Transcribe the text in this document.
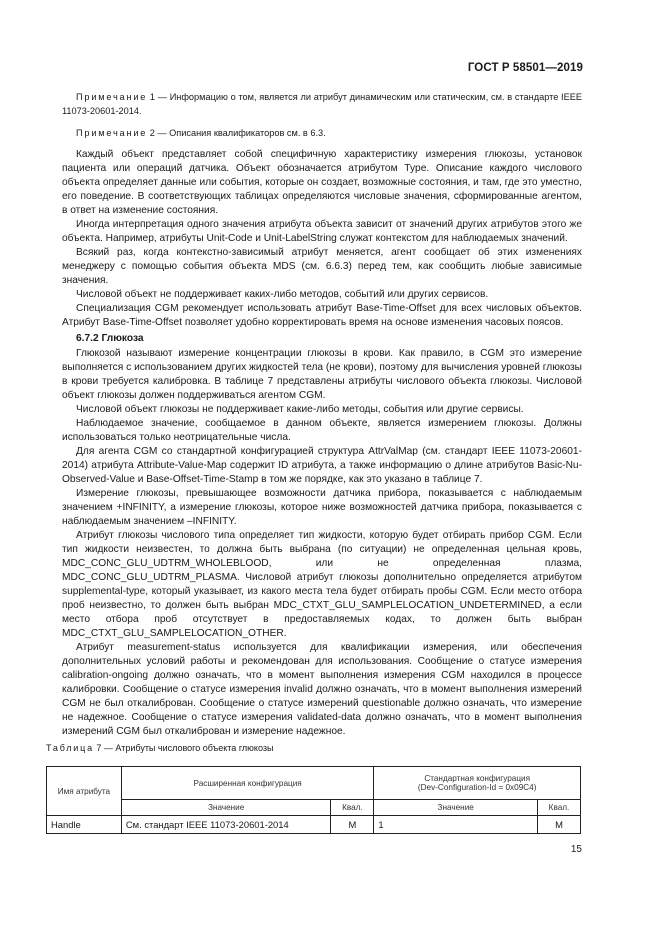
ГОСТ Р 58501—2019

Примечание 1 — Информацию о том, является ли атрибут динамическим или статическим, см. в стандарте IEEE 11073-20601-2014.

Примечание 2 — Описания квалификаторов см. в 6.3.

Каждый объект представляет собой специфичную характеристику измерения глюкозы, установок пациента или операций датчика. Объект обозначается атрибутом Type. Описание каждого числового объекта определяет данные или события, которые он создает, возможные состояния, и там, где это уместно, его поведение. В соответствующих таблицах определяются числовые значения, сформированные агентом, в ответ на изменение состояния.

Иногда интерпретация одного значения атрибута объекта зависит от значений других атрибутов этого же объекта. Например, атрибуты Unit-Code и Unit-LabelString служат контекстом для наблюдаемых значений.

Всякий раз, когда контекстно-зависимый атрибут меняется, агент сообщает об этих изменениях менеджеру с помощью события объекта MDS (см. 6.6.3) перед тем, как сообщить любые зависимые значения.

Числовой объект не поддерживает каких-либо методов, событий или других сервисов.

Специализация CGM рекомендует использовать атрибут Base-Time-Offset для всех числовых объектов. Атрибут Base-Time-Offset позволяет удобно корректировать время на основе изменения часовых поясов.

6.7.2 Глюкоза

Глюкозой называют измерение концентрации глюкозы в крови. Как правило, в CGM это измерение выполняется с использованием других жидкостей тела (не крови), поэтому для вычисления уровней глюкозы в крови требуется калибровка. В таблице 7 представлены атрибуты числового объекта глюкозы. Числовой объект глюкозы должен поддерживаться агентом CGM.

Числовой объект глюкозы не поддерживает какие-либо методы, события или другие сервисы.

Наблюдаемое значение, сообщаемое в данном объекте, является измерением глюкозы. Должны использоваться только неотрицательные числа.

Для агента CGM со стандартной конфигурацией структура AttrValMap (см. стандарт IEEE 11073-20601-2014) атрибута Attribute-Value-Map содержит ID атрибута, а также информацию о длине атрибутов Basic-Nu-Observed-Value и Base-Offset-Time-Stamp в том же порядке, как это указано в таблице 7.

Измерение глюкозы, превышающее возможности датчика прибора, показывается с наблюдаемым значением +INFINITY, а измерение глюкозы, которое ниже возможностей датчика прибора, показывается с наблюдаемым значением –INFINITY.

Атрибут глюкозы числового типа определяет тип жидкости, которую будет отбирать прибор CGM. Если тип жидкости неизвестен, то должна быть выбрана (по ситуации) не определенная цельная кровь, MDC_CONC_GLU_UDTRM_WHOLEBLOOD, или не определенная плазма, MDC_CONC_GLU_UDTRM_PLASMA. Числовой атрибут глюкозы дополнительно определяется атрибутом supplemental-type, который указывает, из какого места тела будет отбирать пробы CGM. Если место отбора проб неизвестно, то должен быть выбран MDC_CTXT_GLU_SAMPLELOCATION_UNDETERMINED, а если место отбора проб отсутствует в предоставляемых кодах, то должен быть выбран MDC_CTXT_GLU_SAMPLELOCATION_OTHER.

Атрибут measurement-status используется для квалификации измерения, или обеспечения дополнительных условий работы и рекомендован для использования. Сообщение о статусе измерения calibration-ongoing должно означать, что в момент выполнения измерения CGM находился в процессе калибровки. Сообщение о статусе измерения invalid должно означать, что в момент выполнения измерений CGM не был откалиброван. Сообщение о статусе измерений questionable должно означать, что измерение не надежное. Сообщение о статусе измерения validated-data должно означать, что в момент выполнения измерений CGM был откалиброван и измерение надежное.

Таблица 7 — Атрибуты числового объекта глюкозы
Имя атрибута	Расширенная конфигурация		Стандартная конфигурация
(Dev-Configuration-Id = 0x09C4)	

	Значение	Квал.	Значение	Квал.
Handle	См. стандарт IEEE 11073-20601-2014	M	1	M
15
